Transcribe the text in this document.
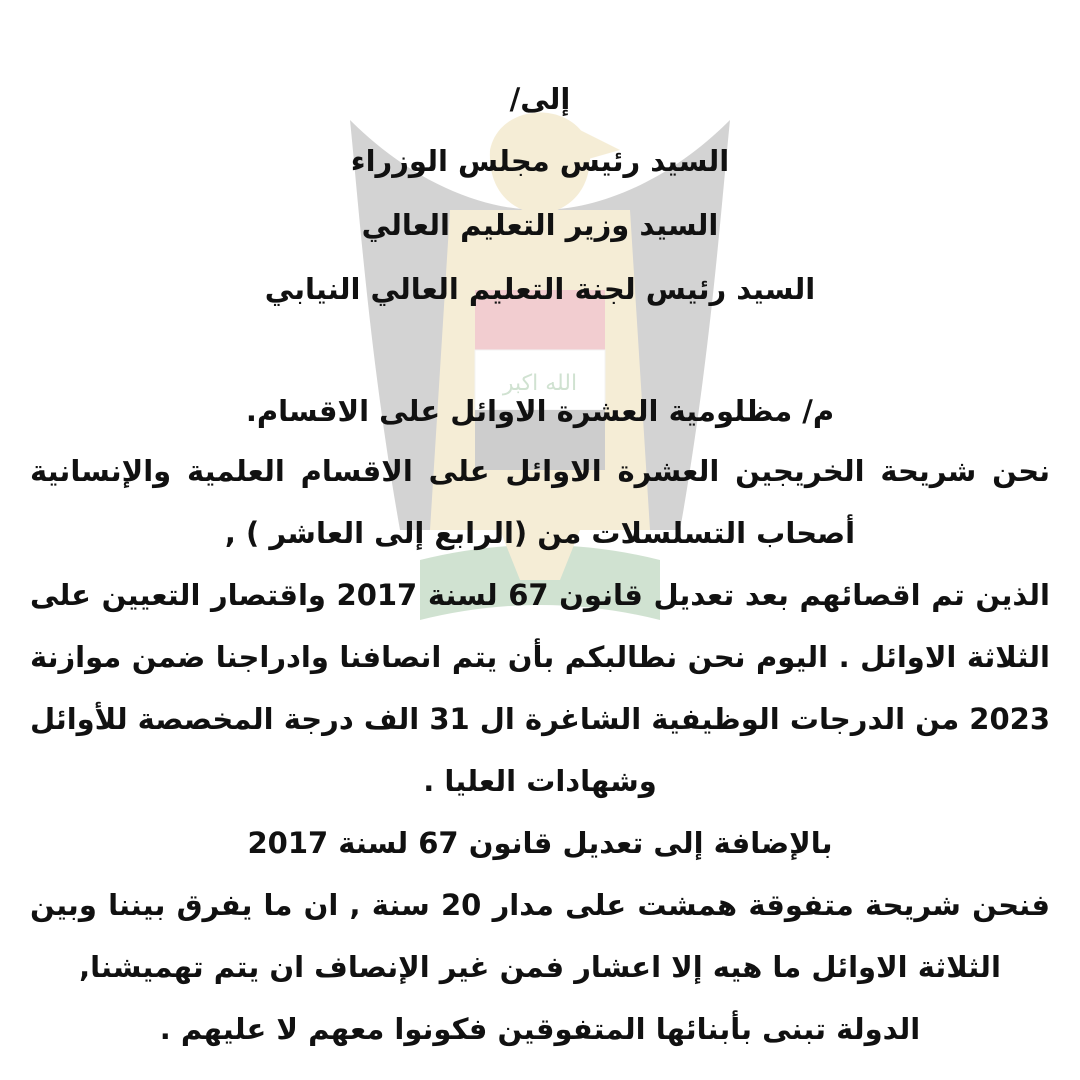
الله اكبر
إلى/
السيد رئيس مجلس الوزراء
السيد وزير التعليم العالي
السيد رئيس لجنة التعليم العالي النيابي
م/ مظلومية العشرة الاوائل على الاقسام.
نحن شريحة الخريجين العشرة الاوائل على الاقسام العلمية والإنسانية
أصحاب التسلسلات من (الرابع إلى العاشر ) ,
الذين تم اقصائهم بعد تعديل قانون 67 لسنة 2017 واقتصار التعيين على
الثلاثة الاوائل . اليوم نحن نطالبكم بأن يتم انصافنا وادراجنا ضمن موازنة
2023 من الدرجات الوظيفية الشاغرة ال 31 الف درجة المخصصة للأوائل
وشهادات العليا .
بالإضافة إلى تعديل قانون 67 لسنة 2017
فنحن شريحة متفوقة همشت على مدار 20 سنة , ان ما يفرق بيننا وبين
الثلاثة الاوائل ما هيه إلا اعشار فمن غير الإنصاف ان يتم تهميشنا,
الدولة تبنى بأبنائها المتفوقين فكونوا معهم لا عليهم .
